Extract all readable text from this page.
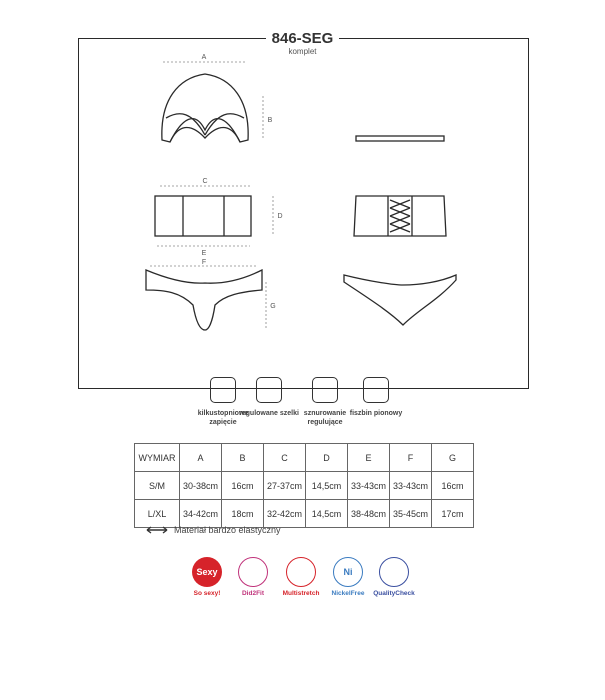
846-SEG
komplet
A
B
C
D
E
F
G
kilkustopniowe zapięcie
regulowane szelki sznurowanie regulujące
fiszbin pionowy
WYMIAR	A	B	C	D	E	F	G
S/M	30-38cm	16cm	27-37cm	14,5cm	33-43cm	33-43cm	16cm
L/XL	34-42cm	18cm	32-42cm	14,5cm	38-48cm	35-45cm	17cm
Materiał bardzo elastyczny
Sexy
So sexy!	Did2Fit	Multistretch
Ni
NickelFree	QualityCheck
